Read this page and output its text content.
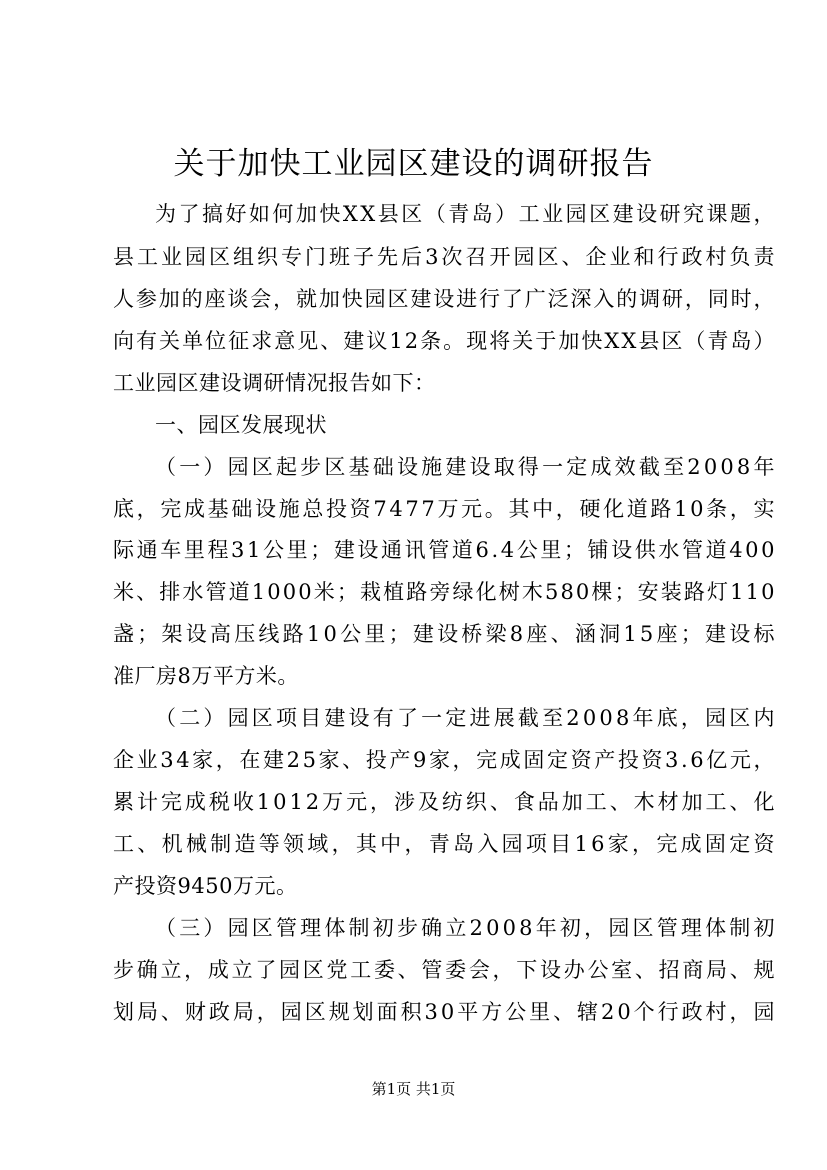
关于加快工业园区建设的调研报告
为了搞好如何加快XX县区（青岛）工业园区建设研究课题，
县工业园区组织专门班子先后3次召开园区、企业和行政村负责
人参加的座谈会，就加快园区建设进行了广泛深入的调研，同时，
向有关单位征求意见、建议12条。现将关于加快XX县区（青岛）
工业园区建设调研情况报告如下：
一、园区发展现状
（一）园区起步区基础设施建设取得一定成效截至2008年
底，完成基础设施总投资7477万元。其中，硬化道路10条，实
际通车里程31公里；建设通讯管道6.4公里；铺设供水管道400
米、排水管道1000米；栽植路旁绿化树木580棵；安装路灯110
盏；架设高压线路10公里；建设桥梁8座、涵洞15座；建设标
准厂房8万平方米。
（二）园区项目建设有了一定进展截至2008年底，园区内
企业34家，在建25家、投产9家，完成固定资产投资3.6亿元，
累计完成税收1012万元，涉及纺织、食品加工、木材加工、化
工、机械制造等领域，其中，青岛入园项目16家，完成固定资
产投资9450万元。
（三）园区管理体制初步确立2008年初，园区管理体制初
步确立，成立了园区党工委、管委会，下设办公室、招商局、规
划局、财政局，园区规划面积30平方公里、辖20个行政村，园
第1页 共1页
